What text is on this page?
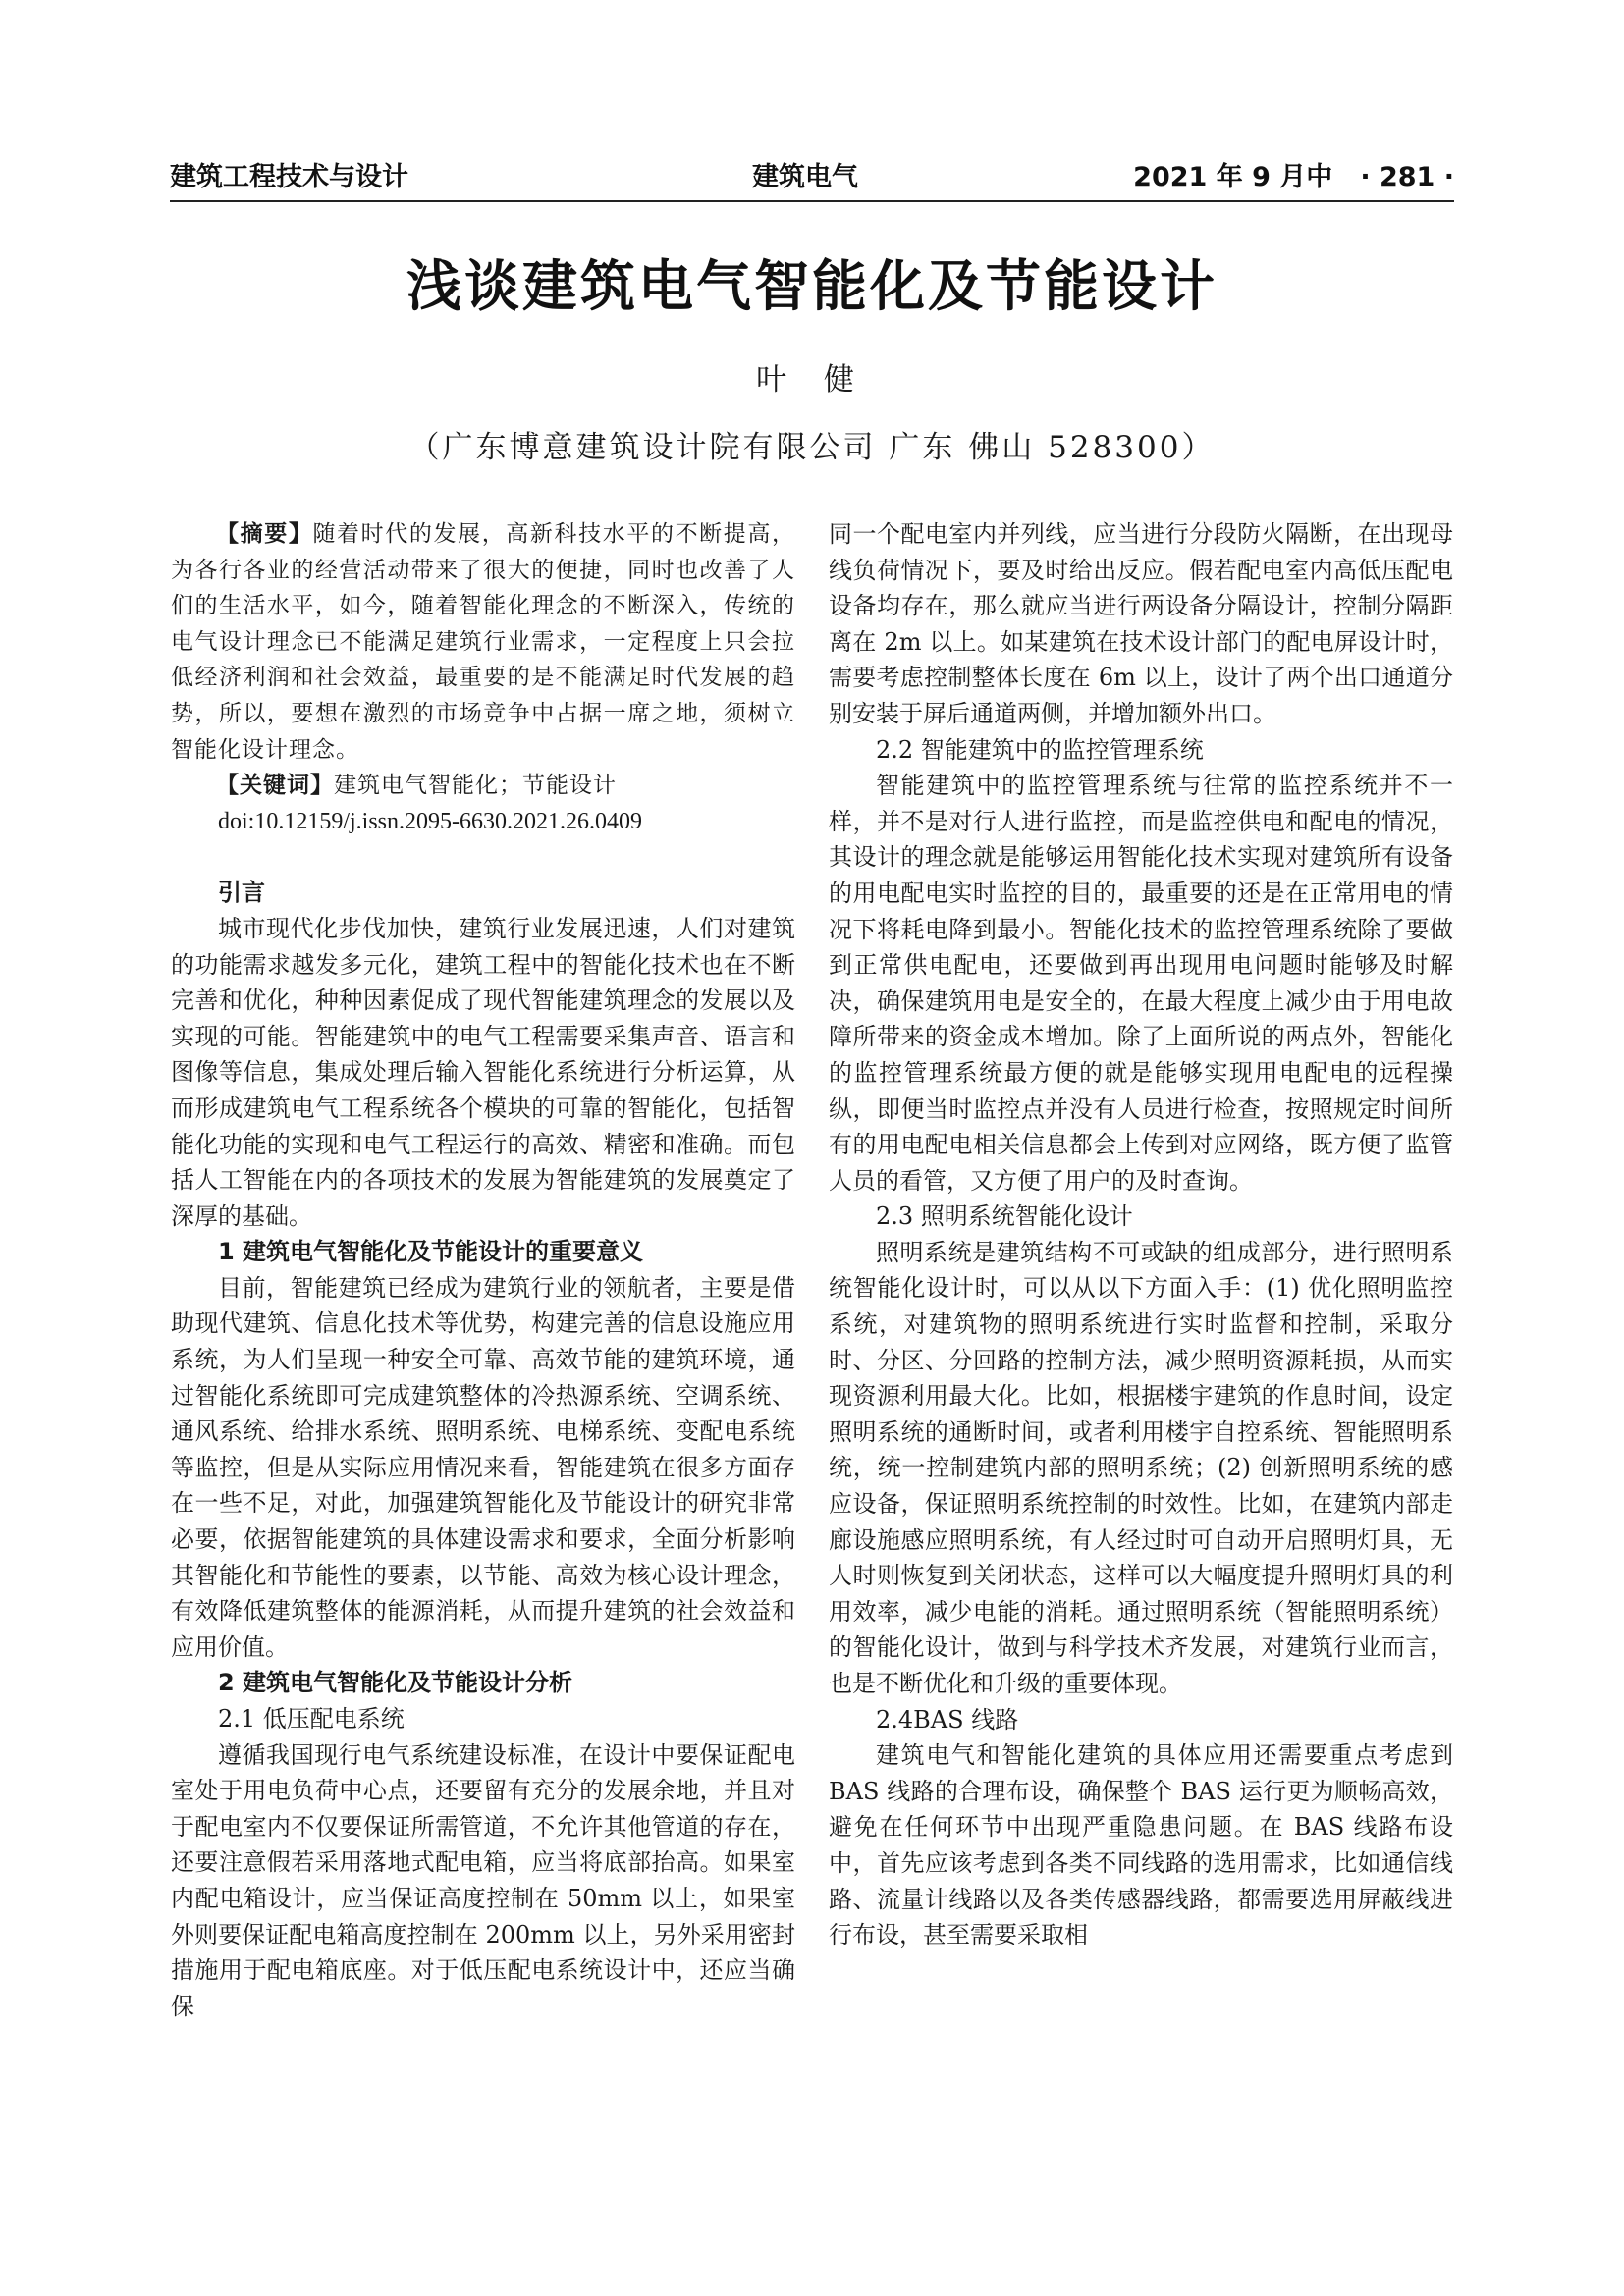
建筑工程技术与设计	建筑电气	2021 年 9 月中 · 281 ·
浅谈建筑电气智能化及节能设计
叶 健
（广东博意建筑设计院有限公司 广东 佛山 528300）

【摘要】随着时代的发展，高新科技水平的不断提高，为各行各业的经营活动带来了很大的便捷，同时也改善了人们的生活水平，如今，随着智能化理念的不断深入，传统的电气设计理念已不能满足建筑行业需求，一定程度上只会拉低经济利润和社会效益，最重要的是不能满足时代发展的趋势，所以，要想在激烈的市场竞争中占据一席之地，须树立智能化设计理念。

【关键词】建筑电气智能化；节能设计

doi:10.12159/j.issn.2095-6630.2021.26.0409

引言

城市现代化步伐加快，建筑行业发展迅速，人们对建筑的功能需求越发多元化，建筑工程中的智能化技术也在不断完善和优化，种种因素促成了现代智能建筑理念的发展以及实现的可能。智能建筑中的电气工程需要采集声音、语言和图像等信息，集成处理后输入智能化系统进行分析运算，从而形成建筑电气工程系统各个模块的可靠的智能化，包括智能化功能的实现和电气工程运行的高效、精密和准确。而包括人工智能在内的各项技术的发展为智能建筑的发展奠定了深厚的基础。

1 建筑电气智能化及节能设计的重要意义

目前，智能建筑已经成为建筑行业的领航者，主要是借助现代建筑、信息化技术等优势，构建完善的信息设施应用系统，为人们呈现一种安全可靠、高效节能的建筑环境，通过智能化系统即可完成建筑整体的冷热源系统、空调系统、通风系统、给排水系统、照明系统、电梯系统、变配电系统等监控，但是从实际应用情况来看，智能建筑在很多方面存在一些不足，对此，加强建筑智能化及节能设计的研究非常必要，依据智能建筑的具体建设需求和要求，全面分析影响其智能化和节能性的要素，以节能、高效为核心设计理念，有效降低建筑整体的能源消耗，从而提升建筑的社会效益和应用价值。

2 建筑电气智能化及节能设计分析

2.1 低压配电系统

遵循我国现行电气系统建设标准，在设计中要保证配电室处于用电负荷中心点，还要留有充分的发展余地，并且对于配电室内不仅要保证所需管道，不允许其他管道的存在，还要注意假若采用落地式配电箱，应当将底部抬高。如果室内配电箱设计，应当保证高度控制在 50mm 以上，如果室外则要保证配电箱高度控制在 200mm 以上，另外采用密封措施用于配电箱底座。对于低压配电系统设计中，还应当确保

同一个配电室内并列线，应当进行分段防火隔断，在出现母线负荷情况下，要及时给出反应。假若配电室内高低压配电设备均存在，那么就应当进行两设备分隔设计，控制分隔距离在 2m 以上。如某建筑在技术设计部门的配电屏设计时，需要考虑控制整体长度在 6m 以上，设计了两个出口通道分别安装于屏后通道两侧，并增加额外出口。

2.2 智能建筑中的监控管理系统

智能建筑中的监控管理系统与往常的监控系统并不一样，并不是对行人进行监控，而是监控供电和配电的情况，其设计的理念就是能够运用智能化技术实现对建筑所有设备的用电配电实时监控的目的，最重要的还是在正常用电的情况下将耗电降到最小。智能化技术的监控管理系统除了要做到正常供电配电，还要做到再出现用电问题时能够及时解决，确保建筑用电是安全的，在最大程度上减少由于用电故障所带来的资金成本增加。除了上面所说的两点外，智能化的监控管理系统最方便的就是能够实现用电配电的远程操纵，即便当时监控点并没有人员进行检查，按照规定时间所有的用电配电相关信息都会上传到对应网络，既方便了监管人员的看管，又方便了用户的及时查询。

2.3 照明系统智能化设计

照明系统是建筑结构不可或缺的组成部分，进行照明系统智能化设计时，可以从以下方面入手：(1) 优化照明监控系统，对建筑物的照明系统进行实时监督和控制，采取分时、分区、分回路的控制方法，减少照明资源耗损，从而实现资源利用最大化。比如，根据楼宇建筑的作息时间，设定照明系统的通断时间，或者利用楼宇自控系统、智能照明系统，统一控制建筑内部的照明系统；(2) 创新照明系统的感应设备，保证照明系统控制的时效性。比如，在建筑内部走廊设施感应照明系统，有人经过时可自动开启照明灯具，无人时则恢复到关闭状态，这样可以大幅度提升照明灯具的利用效率，减少电能的消耗。通过照明系统（智能照明系统）的智能化设计，做到与科学技术齐发展，对建筑行业而言，也是不断优化和升级的重要体现。

2.4BAS 线路

建筑电气和智能化建筑的具体应用还需要重点考虑到 BAS 线路的合理布设，确保整个 BAS 运行更为顺畅高效，避免在任何环节中出现严重隐患问题。在 BAS 线路布设中，首先应该考虑到各类不同线路的选用需求，比如通信线路、流量计线路以及各类传感器线路，都需要选用屏蔽线进行布设，甚至需要采取相
